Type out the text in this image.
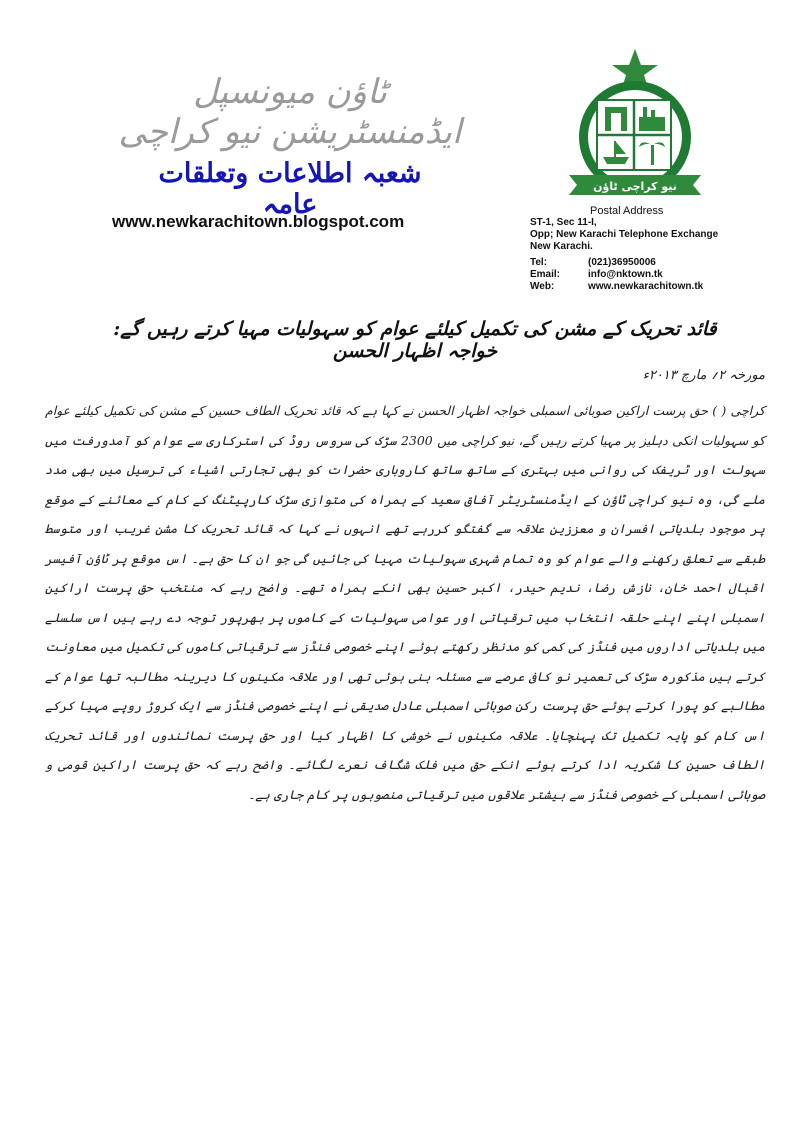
ٹاؤن میونسپل ایڈمنسٹریشن نیو کراچی
شعبہ اطلاعات وتعلقات عامہ
www.newkarachitown.blogspot.com
نیو کراچی ٹاؤن
Postal Address
ST-1, Sec 11-I,
Opp; New Karachi Telephone Exchange
New Karachi.
Tel:	(021)36950006
Email:	info@nktown.tk
Web:	www.newkarachitown.tk
قائد تحریک کے مشن کی تکمیل کیلئے عوام کو سہولیات مہیا کرتے رہیں گے: خواجہ اظہار الحسن
مورخہ ۲؍ مارچ ۲۰۱۳ء
کراچی ( ) حق پرست اراکین صوبائی اسمبلی خواجہ اظہار الحسن نے کہا ہے کہ قائد تحریک الطاف حسین کے مشن کی تکمیل کیلئے عوام کو سہولیات انکی دہلیز پر مہیا کرتے رہیں گے، نیو کراچی میں 2300 سڑک کی سروس روڈ کی استرکاری سے عوام کو آمدورفت میں سہولت اور ٹریفک کی روانی میں بہتری کے ساتھ ساتھ کاروباری حضرات کو بھی تجارتی اشیاء کی ترسیل میں بھی مدد ملے گی، وہ نیو کراچی ٹاؤن کے ایڈمنسٹریٹر آفاق سعید کے ہمراہ کی متوازی سڑک کارپیٹنگ کے کام کے معائنے کے موقع پر موجود بلدیاتی افسران و معززین علاقہ سے گفتگو کررہے تھے انہوں نے کہا کہ قائد تحریک کا مشن غریب اور متوسط طبقے سے تعلق رکھنے والے عوام کو وہ تمام شہری سہولیات مہیا کی جائیں گی جو ان کا حق ہے۔ اس موقع پر ٹاؤن آفیسر اقبال احمد خان، نازش رضا، ندیم حیدر، اکبر حسین بھی انکے ہمراہ تھے۔ واضح رہے کہ منتخب حق پرست اراکین اسمبلی اپنے اپنے حلقہ انتخاب میں ترقیاتی اور عوامی سہولیات کے کاموں پر بھرپور توجہ دے رہے ہیں اس سلسلے میں بلدیاتی اداروں میں فنڈز کی کمی کو مدنظر رکھتے ہوئے اپنے خصوصی فنڈز سے ترقیاتی کاموں کی تکمیل میں معاونت کرتے ہیں مذکورہ سڑک کی تعمیر نو کافی عرصے سے مسئلہ بنی ہوئی تھی اور علاقہ مکینوں کا دیرینہ مطالبہ تھا عوام کے مطالبے کو پورا کرتے ہوئے حق پرست رکن صوبائی اسمبلی عادل صدیقی نے اپنے خصوصی فنڈز سے ایک کروڑ روپے مہیا کرکے اس کام کو پایہ تکمیل تک پہنچایا۔ علاقہ مکینوں نے خوشی کا اظہار کیا اور حق پرست نمائندوں اور قائد تحریک الطاف حسین کا شکریہ ادا کرتے ہوئے انکے حق میں فلک شگاف نعرے لگائے۔ واضح رہے کہ حق پرست اراکین قومی و صوبائی اسمبلی کے خصوصی فنڈز سے بیشتر علاقوں میں ترقیاتی منصوبوں پر کام جاری ہے۔
